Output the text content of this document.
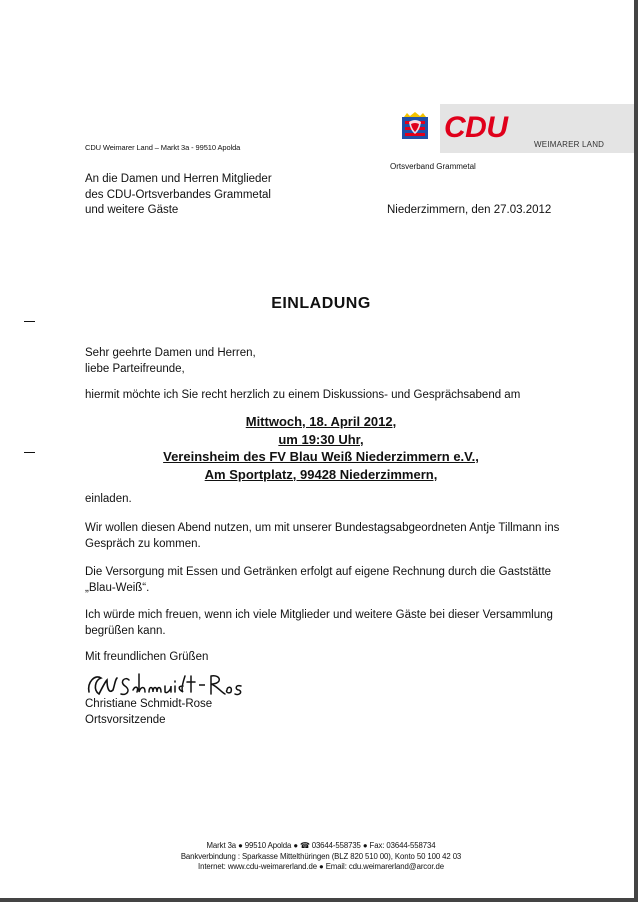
CDU Weimarer Land – Markt 3a - 99510 Apolda
CDU
WEIMARER LAND
Ortsverband Grammetal
An die Damen und Herren Mitglieder
des CDU-Ortsverbandes Grammetal
und weitere Gäste	Niederzimmern, den 27.03.2012
EINLADUNG
Sehr geehrte Damen und Herren,
liebe Parteifreunde,
hiermit möchte ich Sie recht herzlich zu einem Diskussions- und Gesprächsabend am
Mittwoch, 18. April 2012,
um 19:30 Uhr,
Vereinsheim des FV Blau Weiß Niederzimmern e.V.,
Am Sportplatz, 99428 Niederzimmern,
einladen.
Wir wollen diesen Abend nutzen, um mit unserer Bundestagsabgeordneten Antje Tillmann ins
Gespräch zu kommen.
Die Versorgung mit Essen und Getränken erfolgt auf eigene Rechnung durch die Gaststätte
„Blau-Weiß“.
Ich würde mich freuen, wenn ich viele Mitglieder und weitere Gäste bei dieser Versammlung
begrüßen kann.
Mit freundlichen Grüßen
Christiane Schmidt-Rose
Ortsvorsitzende
Markt 3a ● 99510 Apolda ● ☎ 03644-558735 ● Fax: 03644-558734
Bankverbindung : Sparkasse Mittelthüringen (BLZ 820 510 00), Konto 50 100 42 03
Internet: www.cdu-weimarerland.de ● Email: cdu.weimarerland@arcor.de
